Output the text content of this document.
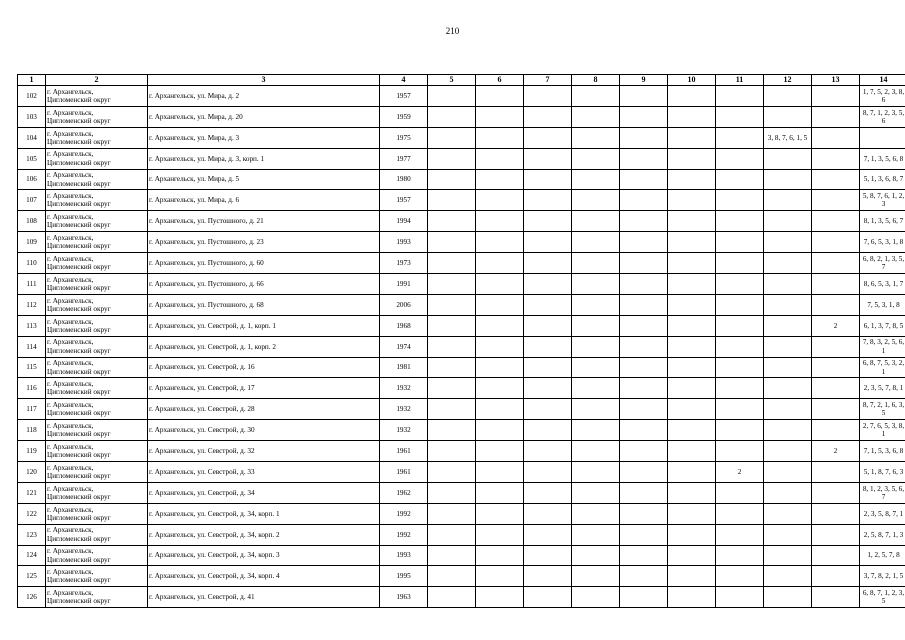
210
1	2	3	4	5	6	7	8	9	10	11	12	13	14
102	г. Архангельск,
Цигломенский округ	г. Архангельск, ул. Мира, д. 2	1957										1, 7, 5, 2, 3, 8, 6
103	г. Архангельск,
Цигломенский округ	г. Архангельск, ул. Мира, д. 20	1959										8, 7, 1, 2, 3, 5, 6
104	г. Архангельск,
Цигломенский округ	г. Архангельск, ул. Мира, д. 3	1975								3, 8, 7, 6, 1, 5		
105	г. Архангельск,
Цигломенский округ	г. Архангельск, ул. Мира, д. 3, корп. 1	1977										7, 1, 3, 5, 6, 8
106	г. Архангельск,
Цигломенский округ	г. Архангельск, ул. Мира, д. 5	1980										5, 1, 3, 6, 8, 7
107	г. Архангельск,
Цигломенский округ	г. Архангельск, ул. Мира, д. 6	1957										5, 8, 7, 6, 1, 2, 3
108	г. Архангельск,
Цигломенский округ	г. Архангельск, ул. Пустошного, д. 21	1994										8, 1, 3, 5, 6, 7
109	г. Архангельск,
Цигломенский округ	г. Архангельск, ул. Пустошного, д. 23	1993										7, 6, 5, 3, 1, 8
110	г. Архангельск,
Цигломенский округ	г. Архангельск, ул. Пустошного, д. 60	1973										6, 8, 2, 1, 3, 5, 7
111	г. Архангельск,
Цигломенский округ	г. Архангельск, ул. Пустошного, д. 66	1991										8, 6, 5, 3, 1, 7
112	г. Архангельск,
Цигломенский округ	г. Архангельск, ул. Пустошного, д. 68	2006										7, 5, 3, 1, 8
113	г. Архангельск,
Цигломенский округ	г. Архангельск, ул. Севстрой, д. 1, корп. 1	1968									2	6, 1, 3, 7, 8, 5
114	г. Архангельск,
Цигломенский округ	г. Архангельск, ул. Севстрой, д. 1, корп. 2	1974										7, 8, 3, 2, 5, 6, 1
115	г. Архангельск,
Цигломенский округ	г. Архангельск, ул. Севстрой, д. 16	1981										6, 8, 7, 5, 3, 2, 1
116	г. Архангельск,
Цигломенский округ	г. Архангельск, ул. Севстрой, д. 17	1932										2, 3, 5, 7, 8, 1
117	г. Архангельск,
Цигломенский округ	г. Архангельск, ул. Севстрой, д. 28	1932										8, 7, 2, 1, 6, 3, 5
118	г. Архангельск,
Цигломенский округ	г. Архангельск, ул. Севстрой, д. 30	1932										2, 7, 6, 5, 3, 8, 1
119	г. Архангельск,
Цигломенский округ	г. Архангельск, ул. Севстрой, д. 32	1961									2	7, 1, 5, 3, 6, 8
120	г. Архангельск,
Цигломенский округ	г. Архангельск, ул. Севстрой, д. 33	1961							2			5, 1, 8, 7, 6, 3
121	г. Архангельск,
Цигломенский округ	г. Архангельск, ул. Севстрой, д. 34	1962										8, 1, 2, 3, 5, 6, 7
122	г. Архангельск,
Цигломенский округ	г. Архангельск, ул. Севстрой, д. 34, корп. 1	1992										2, 3, 5, 8, 7, 1
123	г. Архангельск,
Цигломенский округ	г. Архангельск, ул. Севстрой, д. 34, корп. 2	1992										2, 5, 8, 7, 1, 3
124	г. Архангельск,
Цигломенский округ	г. Архангельск, ул. Севстрой, д. 34, корп. 3	1993										1, 2, 5, 7, 8
125	г. Архангельск,
Цигломенский округ	г. Архангельск, ул. Севстрой, д. 34, корп. 4	1995										3, 7, 8, 2, 1, 5
126	г. Архангельск,
Цигломенский округ	г. Архангельск, ул. Севстрой, д. 41	1963										6, 8, 7, 1, 2, 3, 5
